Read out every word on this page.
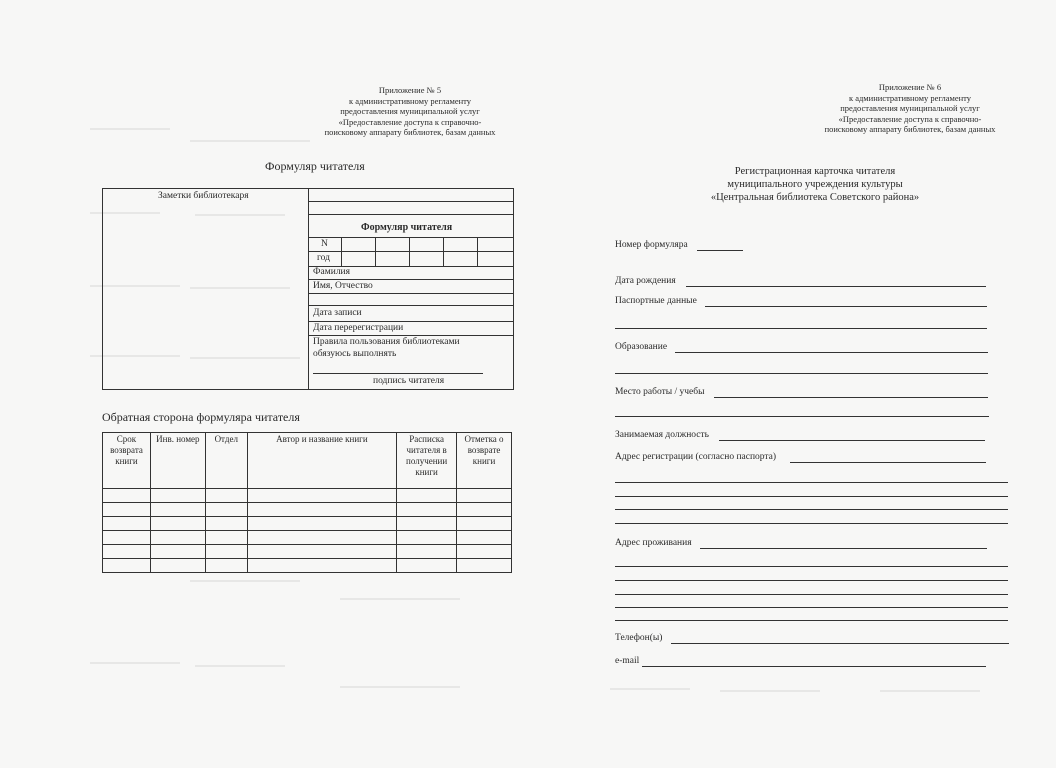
Приложение № 5
к административному регламенту
предоставления муниципальной услуг
«Предоставление доступа к справочно-
поисковому аппарату библиотек, базам данных
Формуляр читателя
Заметки библиотекаря
Формуляр читателя
N
год
Фамилия
Имя, Отчество
Дата записи
Дата перерегистрации
Правила пользования библиотеками
обязуюсь выполнять
подпись читателя
Обратная сторона формуляра читателя
Срок возврата книги	Инв. номер	Отдел	Автор и название книги	Расписка читателя в получении книги	Отметка о возврате книги

Приложение № 6
к административному регламенту
предоставления муниципальной услуг
«Предоставление доступа к справочно-
поисковому аппарату библиотек, базам данных
Регистрационная карточка читателя
муниципального учреждения культуры
«Центральная библиотека Советского района»
Номер формуляра
Дата рождения
Паспортные данные
Образование
Место работы / учебы
Занимаемая должность
Адрес регистрации (согласно паспорта)
Адрес проживания
Телефон(ы)
e-mail
